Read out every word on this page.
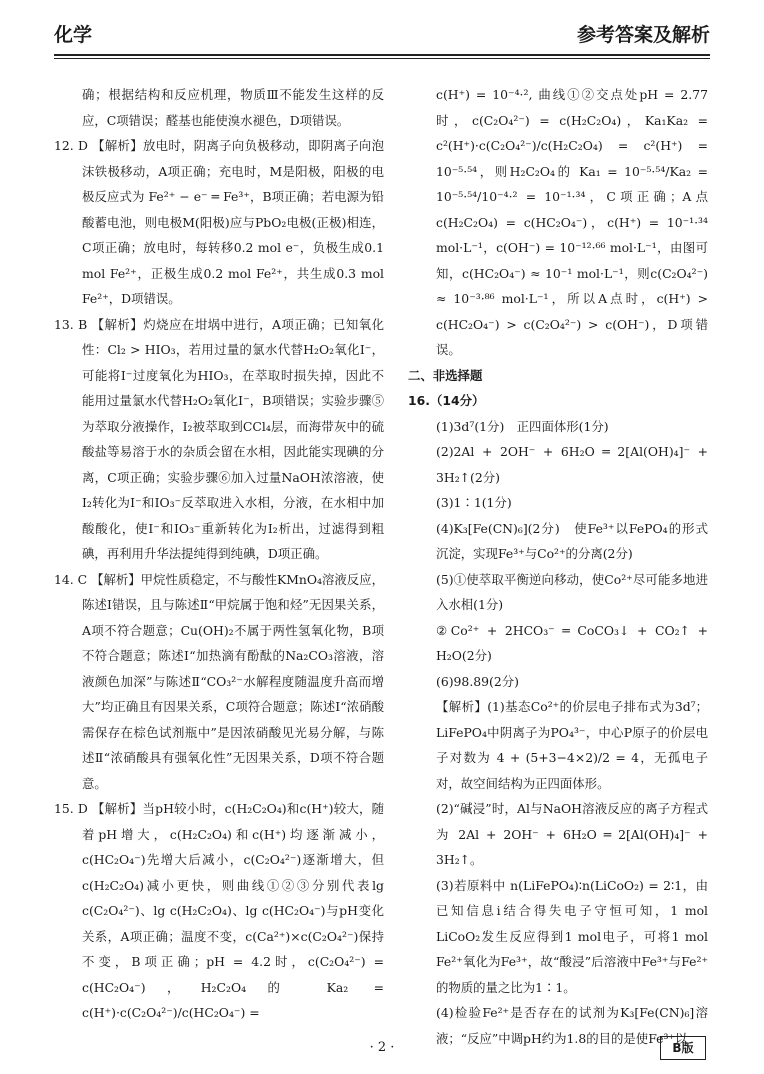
化学	参考答案及解析

确；根据结构和反应机理，物质Ⅲ不能发生这样的反应，C项错误；醛基也能使溴水褪色，D项错误。

12. D 【解析】放电时，阴离子向负极移动，即阴离子向泡沫铁极移动，A项正确；充电时，M是阳极，阳极的电极反应式为 Fe²⁺ − e⁻ ═ Fe³⁺，B项正确；若电源为铅酸蓄电池，则电极M(阳极)应与PbO₂电极(正极)相连，C项正确；放电时，每转移0.2 mol e⁻，负极生成0.1 mol Fe²⁺，正极生成0.2 mol Fe²⁺，共生成0.3 mol Fe²⁺，D项错误。

13. B 【解析】灼烧应在坩埚中进行，A项正确；已知氧化性：Cl₂ > HIO₃，若用过量的氯水代替H₂O₂氧化I⁻，可能将I⁻过度氧化为HIO₃，在萃取时损失掉，因此不能用过量氯水代替H₂O₂氧化I⁻，B项错误；实验步骤⑤为萃取分液操作，I₂被萃取到CCl₄层，而海带灰中的硫酸盐等易溶于水的杂质会留在水相，因此能实现碘的分离，C项正确；实验步骤⑥加入过量NaOH浓溶液，使I₂转化为I⁻和IO₃⁻反萃取进入水相，分液，在水相中加酸酸化，使I⁻和IO₃⁻重新转化为I₂析出，过滤得到粗碘，再利用升华法提纯得到纯碘，D项正确。

14. C 【解析】甲烷性质稳定，不与酸性KMnO₄溶液反应，陈述Ⅰ错误，且与陈述Ⅱ“甲烷属于饱和烃”无因果关系，A项不符合题意；Cu(OH)₂不属于两性氢氧化物，B项不符合题意；陈述Ⅰ“加热滴有酚酞的Na₂CO₃溶液，溶液颜色加深”与陈述Ⅱ“CO₃²⁻水解程度随温度升高而增大”均正确且有因果关系，C项符合题意；陈述Ⅰ“浓硝酸需保存在棕色试剂瓶中”是因浓硝酸见光易分解，与陈述Ⅱ“浓硝酸具有强氧化性”无因果关系，D项不符合题意。

15. D 【解析】当pH较小时，c(H₂C₂O₄)和c(H⁺)较大，随着pH增大，c(H₂C₂O₄)和c(H⁺)均逐渐减小，c(HC₂O₄⁻)先增大后减小，c(C₂O₄²⁻)逐渐增大，但c(H₂C₂O₄)减小更快，则曲线①②③分别代表lg c(C₂O₄²⁻)、lg c(H₂C₂O₄)、lg c(HC₂O₄⁻)与pH变化关系，A项正确；温度不变，c(Ca²⁺)×c(C₂O₄²⁻)保持不变，B项正确；pH = 4.2时，c(C₂O₄²⁻) = c(HC₂O₄⁻)，H₂C₂O₄的 Ka₂ = c(H⁺)·c(C₂O₄²⁻)/c(HC₂O₄⁻) =

c(H⁺) = 10⁻⁴·², 曲线①②交点处pH = 2.77时，c(C₂O₄²⁻) = c(H₂C₂O₄)，Ka₁Ka₂ = c²(H⁺)·c(C₂O₄²⁻)/c(H₂C₂O₄) = c²(H⁺) = 10⁻⁵·⁵⁴，则H₂C₂O₄的 Ka₁ = 10⁻⁵·⁵⁴/Ka₂ = 10⁻⁵·⁵⁴/10⁻⁴·² = 10⁻¹·³⁴，C项正确；A点c(H₂C₂O₄) = c(HC₂O₄⁻)，c(H⁺) = 10⁻¹·³⁴ mol·L⁻¹，c(OH⁻) = 10⁻¹²·⁶⁶ mol·L⁻¹，由图可知，c(HC₂O₄⁻) ≈ 10⁻¹ mol·L⁻¹，则c(C₂O₄²⁻) ≈ 10⁻³·⁸⁶ mol·L⁻¹，所以A点时，c(H⁺) > c(HC₂O₄⁻) > c(C₂O₄²⁻) > c(OH⁻)，D项错误。

二、非选择题

16.（14分）

(1)3d⁷(1分)　正四面体形(1分)

(2)2Al + 2OH⁻ + 6H₂O ═ 2[Al(OH)₄]⁻ + 3H₂↑(2分)

(3)1∶1(1分)

(4)K₃[Fe(CN)₆](2分)　使Fe³⁺以FePO₄的形式沉淀，实现Fe³⁺与Co²⁺的分离(2分)

(5)①使萃取平衡逆向移动，使Co²⁺尽可能多地进入水相(1分)

②Co²⁺ + 2HCO₃⁻ ═ CoCO₃↓ + CO₂↑ + H₂O(2分)

(6)98.89(2分)

【解析】(1)基态Co²⁺的价层电子排布式为3d⁷；LiFePO₄中阴离子为PO₄³⁻，中心P原子的价层电子对数为 4 + (5+3−4×2)/2 = 4，无孤电子对，故空间结构为正四面体形。

(2)“碱浸”时，Al与NaOH溶液反应的离子方程式为 2Al + 2OH⁻ + 6H₂O ═ 2[Al(OH)₄]⁻ + 3H₂↑。

(3)若原料中 n(LiFePO₄)∶n(LiCoO₂) = 2∶1，由已知信息ⅰ结合得失电子守恒可知，1 mol LiCoO₂发生反应得到1 mol电子，可将1 mol Fe²⁺氧化为Fe³⁺，故“酸浸”后溶液中Fe³⁺与Fe²⁺的物质的量之比为1∶1。

(4)检验Fe²⁺是否存在的试剂为K₃[Fe(CN)₆]溶液；“反应”中调pH约为1.8的目的是使Fe³⁺以

· 2 ·	B版
